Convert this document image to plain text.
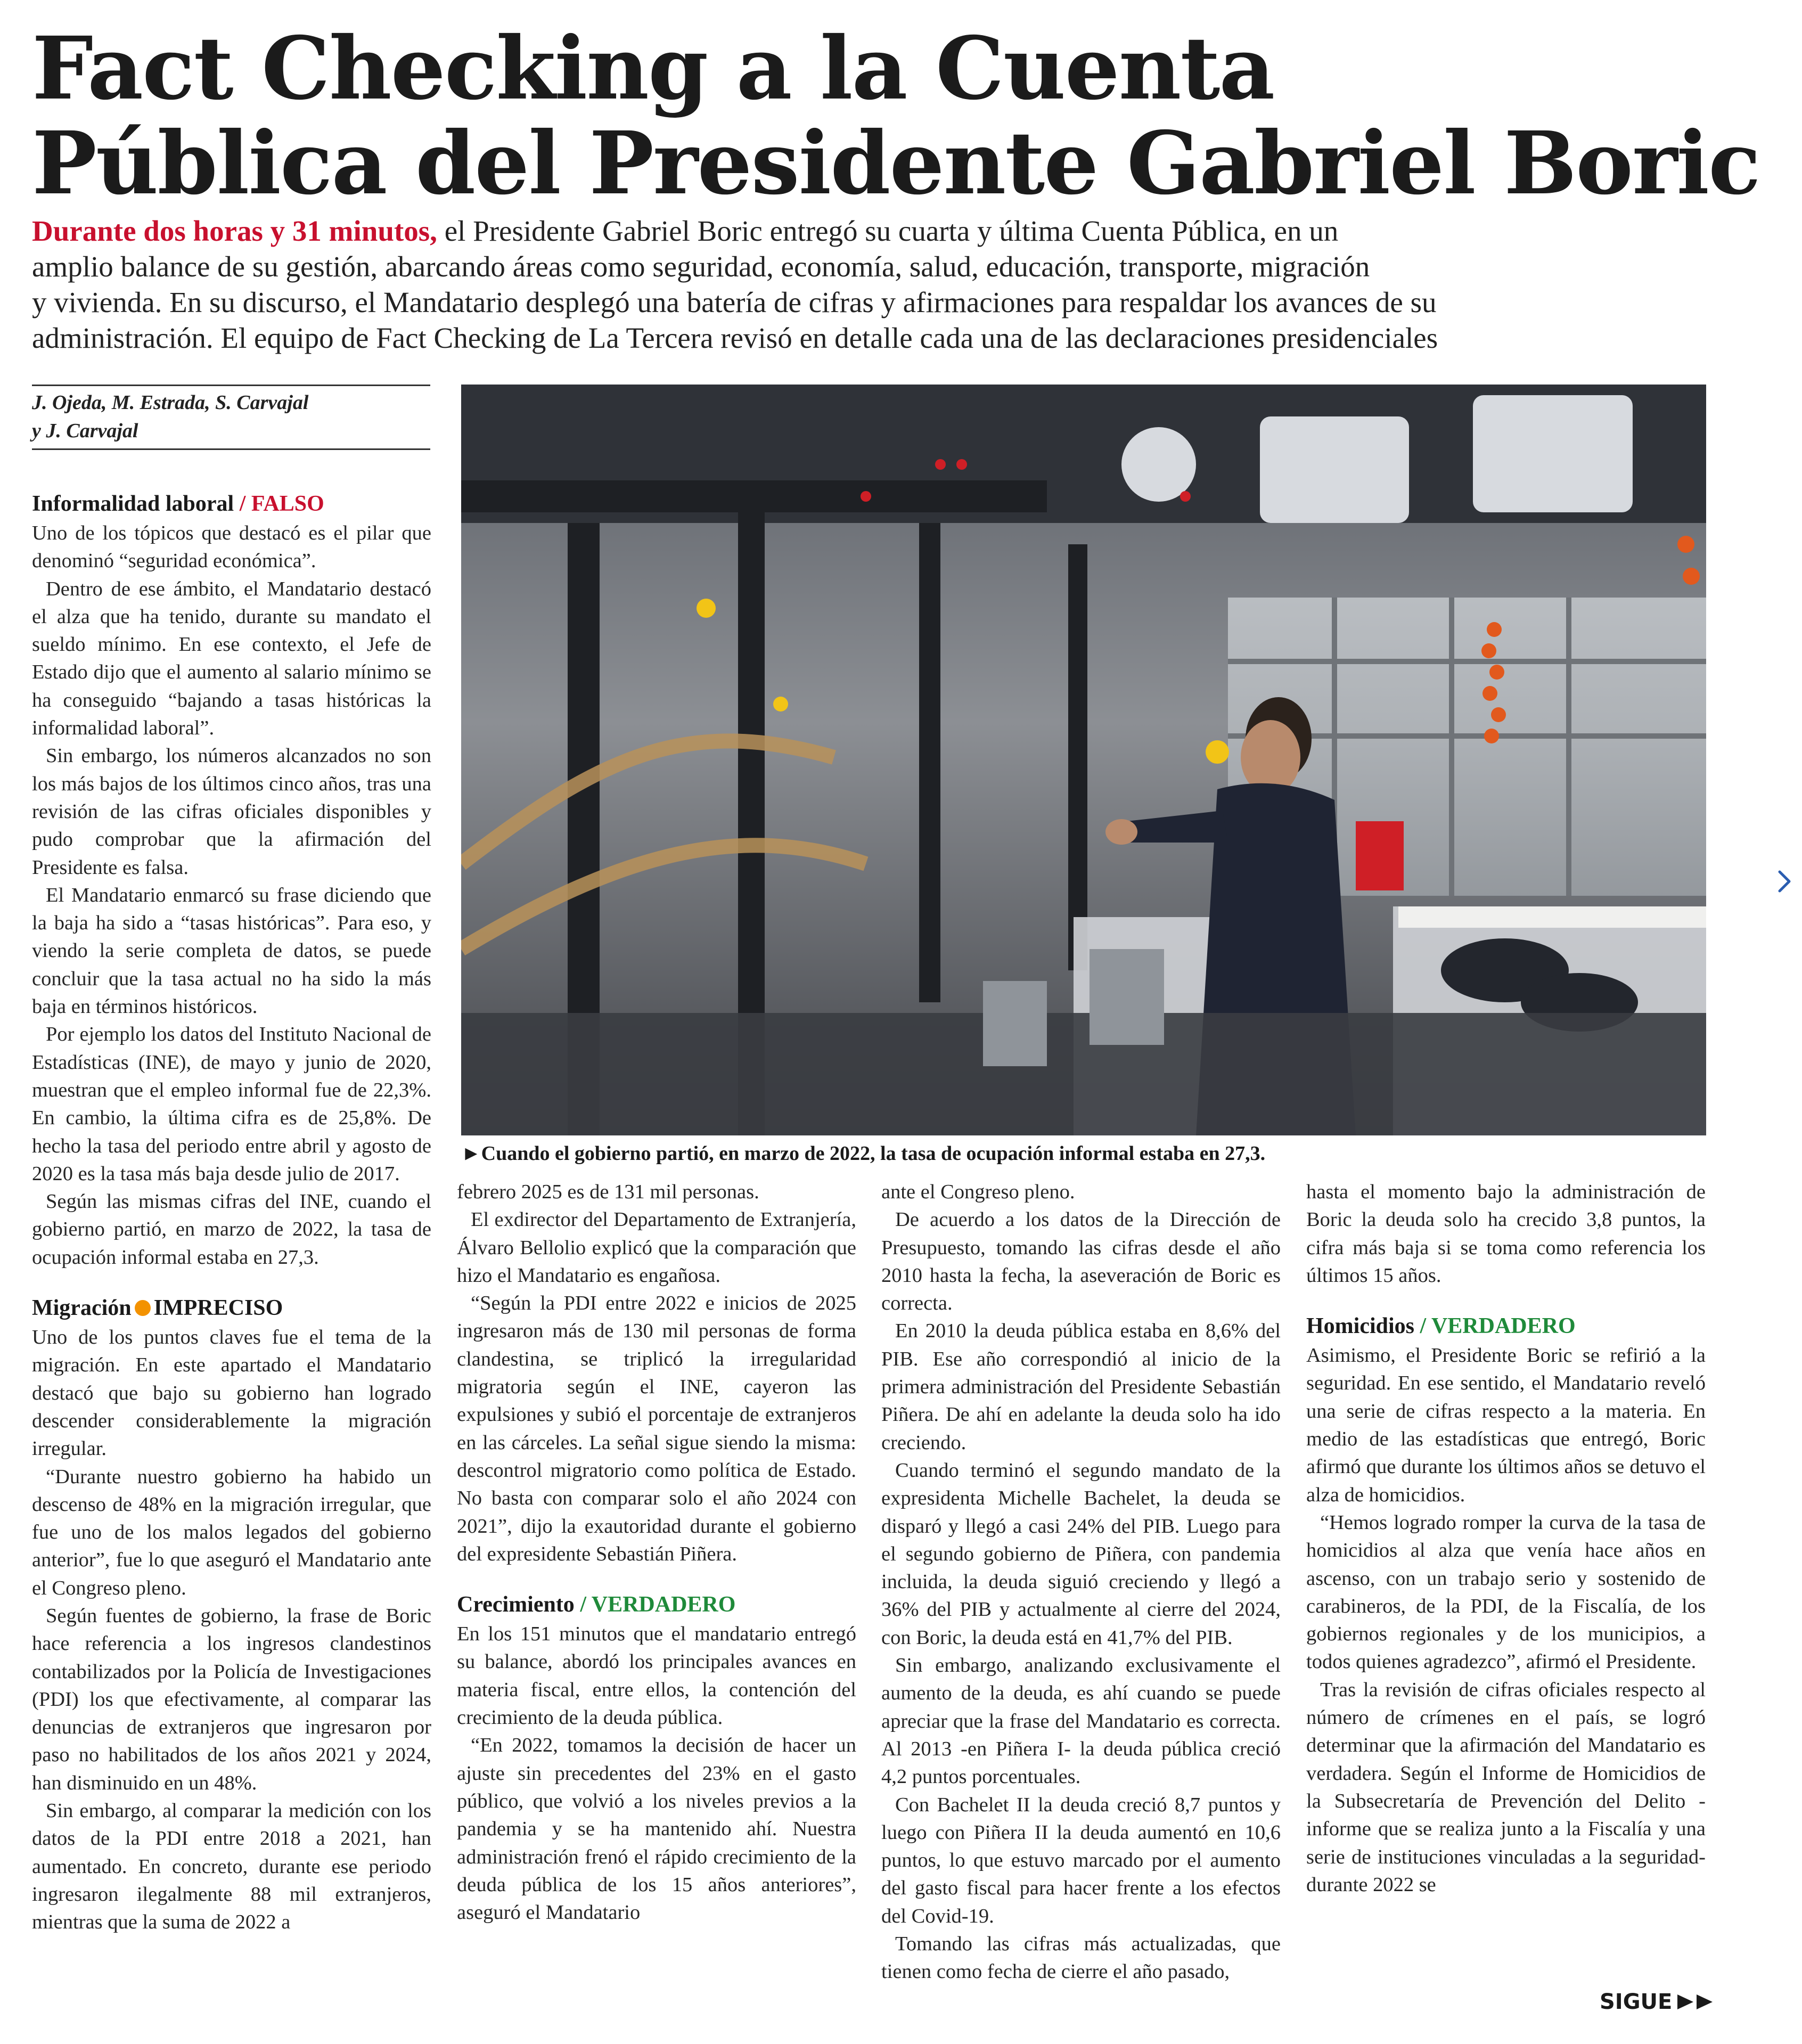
Fact Checking a la Cuenta
Pública del Presidente Gabriel Boric
Durante dos horas y 31 minutos, el Presidente Gabriel Boric entregó su cuarta y última Cuenta Pública, en un
amplio balance de su gestión, abarcando áreas como seguridad, economía, salud, educación, transporte, migración
y vivienda. En su discurso, el Mandatario desplegó una batería de cifras y afirmaciones para respaldar los avances de su
administración. El equipo de Fact Checking de La Tercera revisó en detalle cada una de las declaraciones presidenciales
J. Ojeda, M. Estrada, S. Carvajal
y J. Carvajal
►Cuando el gobierno partió, en marzo de 2022, la tasa de ocupación informal estaba en 27,3.
Informalidad laboral / FALSO

Uno de los tópicos que destacó es el pilar que denominó “seguridad económica”.

Dentro de ese ámbito, el Mandatario destacó el alza que ha tenido, durante su mandato el sueldo mínimo. En ese contexto, el Jefe de Estado dijo que el aumento al salario mínimo se ha conseguido “bajando a tasas históricas la informalidad laboral”.

Sin embargo, los números alcanzados no son los más bajos de los últimos cinco años, tras una revisión de las cifras oficiales disponibles y pudo comprobar que la afirmación del Presidente es falsa.

El Mandatario enmarcó su frase diciendo que la baja ha sido a “tasas históricas”. Para eso, y viendo la serie completa de datos, se puede concluir que la tasa actual no ha sido la más baja en términos históricos.

Por ejemplo los datos del Instituto Nacional de Estadísticas (INE), de mayo y junio de 2020, muestran que el empleo informal fue de 22,3%. En cambio, la última cifra es de 25,8%. De hecho la tasa del periodo entre abril y agosto de 2020 es la tasa más baja desde julio de 2017.

Según las mismas cifras del INE, cuando el gobierno partió, en marzo de 2022, la tasa de ocupación informal estaba en 27,3.

Migración IMPRECISO

Uno de los puntos claves fue el tema de la migración. En este apartado el Mandatario destacó que bajo su gobierno han logrado descender considerablemente la migración irregular.

“Durante nuestro gobierno ha habido un descenso de 48% en la migración irregular, que fue uno de los malos legados del gobierno anterior”, fue lo que aseguró el Mandatario ante el Congreso pleno.

Según fuentes de gobierno, la frase de Boric hace referencia a los ingresos clandestinos contabilizados por la Policía de Investigaciones (PDI) los que efectivamente, al comparar las denuncias de extranjeros que ingresaron por paso no habilitados de los años 2021 y 2024, han disminuido en un 48%.

Sin embargo, al comparar la medición con los datos de la PDI entre 2018 a 2021, han aumentado. En concreto, durante ese periodo ingresaron ilegalmente 88 mil extranjeros, mientras que la suma de 2022 a

febrero 2025 es de 131 mil personas.

El exdirector del Departamento de Extranjería, Álvaro Bellolio explicó que la comparación que hizo el Mandatario es engañosa.

“Según la PDI entre 2022 e inicios de 2025 ingresaron más de 130 mil personas de forma clandestina, se triplicó la irregularidad migratoria según el INE, cayeron las expulsiones y subió el porcentaje de extranjeros en las cárceles. La señal sigue siendo la misma: descontrol migratorio como política de Estado. No basta con comparar solo el año 2024 con 2021”, dijo la exautoridad durante el gobierno del expresidente Sebastián Piñera.

Crecimiento / VERDADERO

En los 151 minutos que el mandatario entregó su balance, abordó los principales avances en materia fiscal, entre ellos, la contención del crecimiento de la deuda pública.

“En 2022, tomamos la decisión de hacer un ajuste sin precedentes del 23% en el gasto público, que volvió a los niveles previos a la pandemia y se ha mantenido ahí. Nuestra administración frenó el rápido crecimiento de la deuda pública de los 15 años anteriores”, aseguró el Mandatario

ante el Congreso pleno.

De acuerdo a los datos de la Dirección de Presupuesto, tomando las cifras desde el año 2010 hasta la fecha, la aseveración de Boric es correcta.

En 2010 la deuda pública estaba en 8,6% del PIB. Ese año correspondió al inicio de la primera administración del Presidente Sebastián Piñera. De ahí en adelante la deuda solo ha ido creciendo.

Cuando terminó el segundo mandato de la expresidenta Michelle Bachelet, la deuda se disparó y llegó a casi 24% del PIB. Luego para el segundo gobierno de Piñera, con pandemia incluida, la deuda siguió creciendo y llegó a 36% del PIB y actualmente al cierre del 2024, con Boric, la deuda está en 41,7% del PIB.

Sin embargo, analizando exclusivamente el aumento de la deuda, es ahí cuando se puede apreciar que la frase del Mandatario es correcta. Al 2013 -en Piñera I- la deuda pública creció 4,2 puntos porcentuales.

Con Bachelet II la deuda creció 8,7 puntos y luego con Piñera II la deuda aumentó en 10,6 puntos, lo que estuvo marcado por el aumento del gasto fiscal para hacer frente a los efectos del Covid-19.

Tomando las cifras más actualizadas, que tienen como fecha de cierre el año pasado,

hasta el momento bajo la administración de Boric la deuda solo ha crecido 3,8 puntos, la cifra más baja si se toma como referencia los últimos 15 años.

Homicidios / VERDADERO

Asimismo, el Presidente Boric se refirió a la seguridad. En ese sentido, el Mandatario reveló una serie de cifras respecto a la materia. En medio de las estadísticas que entregó, Boric afirmó que durante los últimos años se detuvo el alza de homicidios.

“Hemos logrado romper la curva de la tasa de homicidios al alza que venía hace años en ascenso, con un trabajo serio y sostenido de carabineros, de la PDI, de la Fiscalía, de los gobiernos regionales y de los municipios, a todos quienes agradezco”, afirmó el Presidente.

Tras la revisión de cifras oficiales respecto al número de crímenes en el país, se logró determinar que la afirmación del Mandatario es verdadera. Según el Informe de Homicidios de la Subsecretaría de Prevención del Delito -informe que se realiza junto a la Fiscalía y una serie de instituciones vinculadas a la seguridad- durante 2022 se

SIGUE
